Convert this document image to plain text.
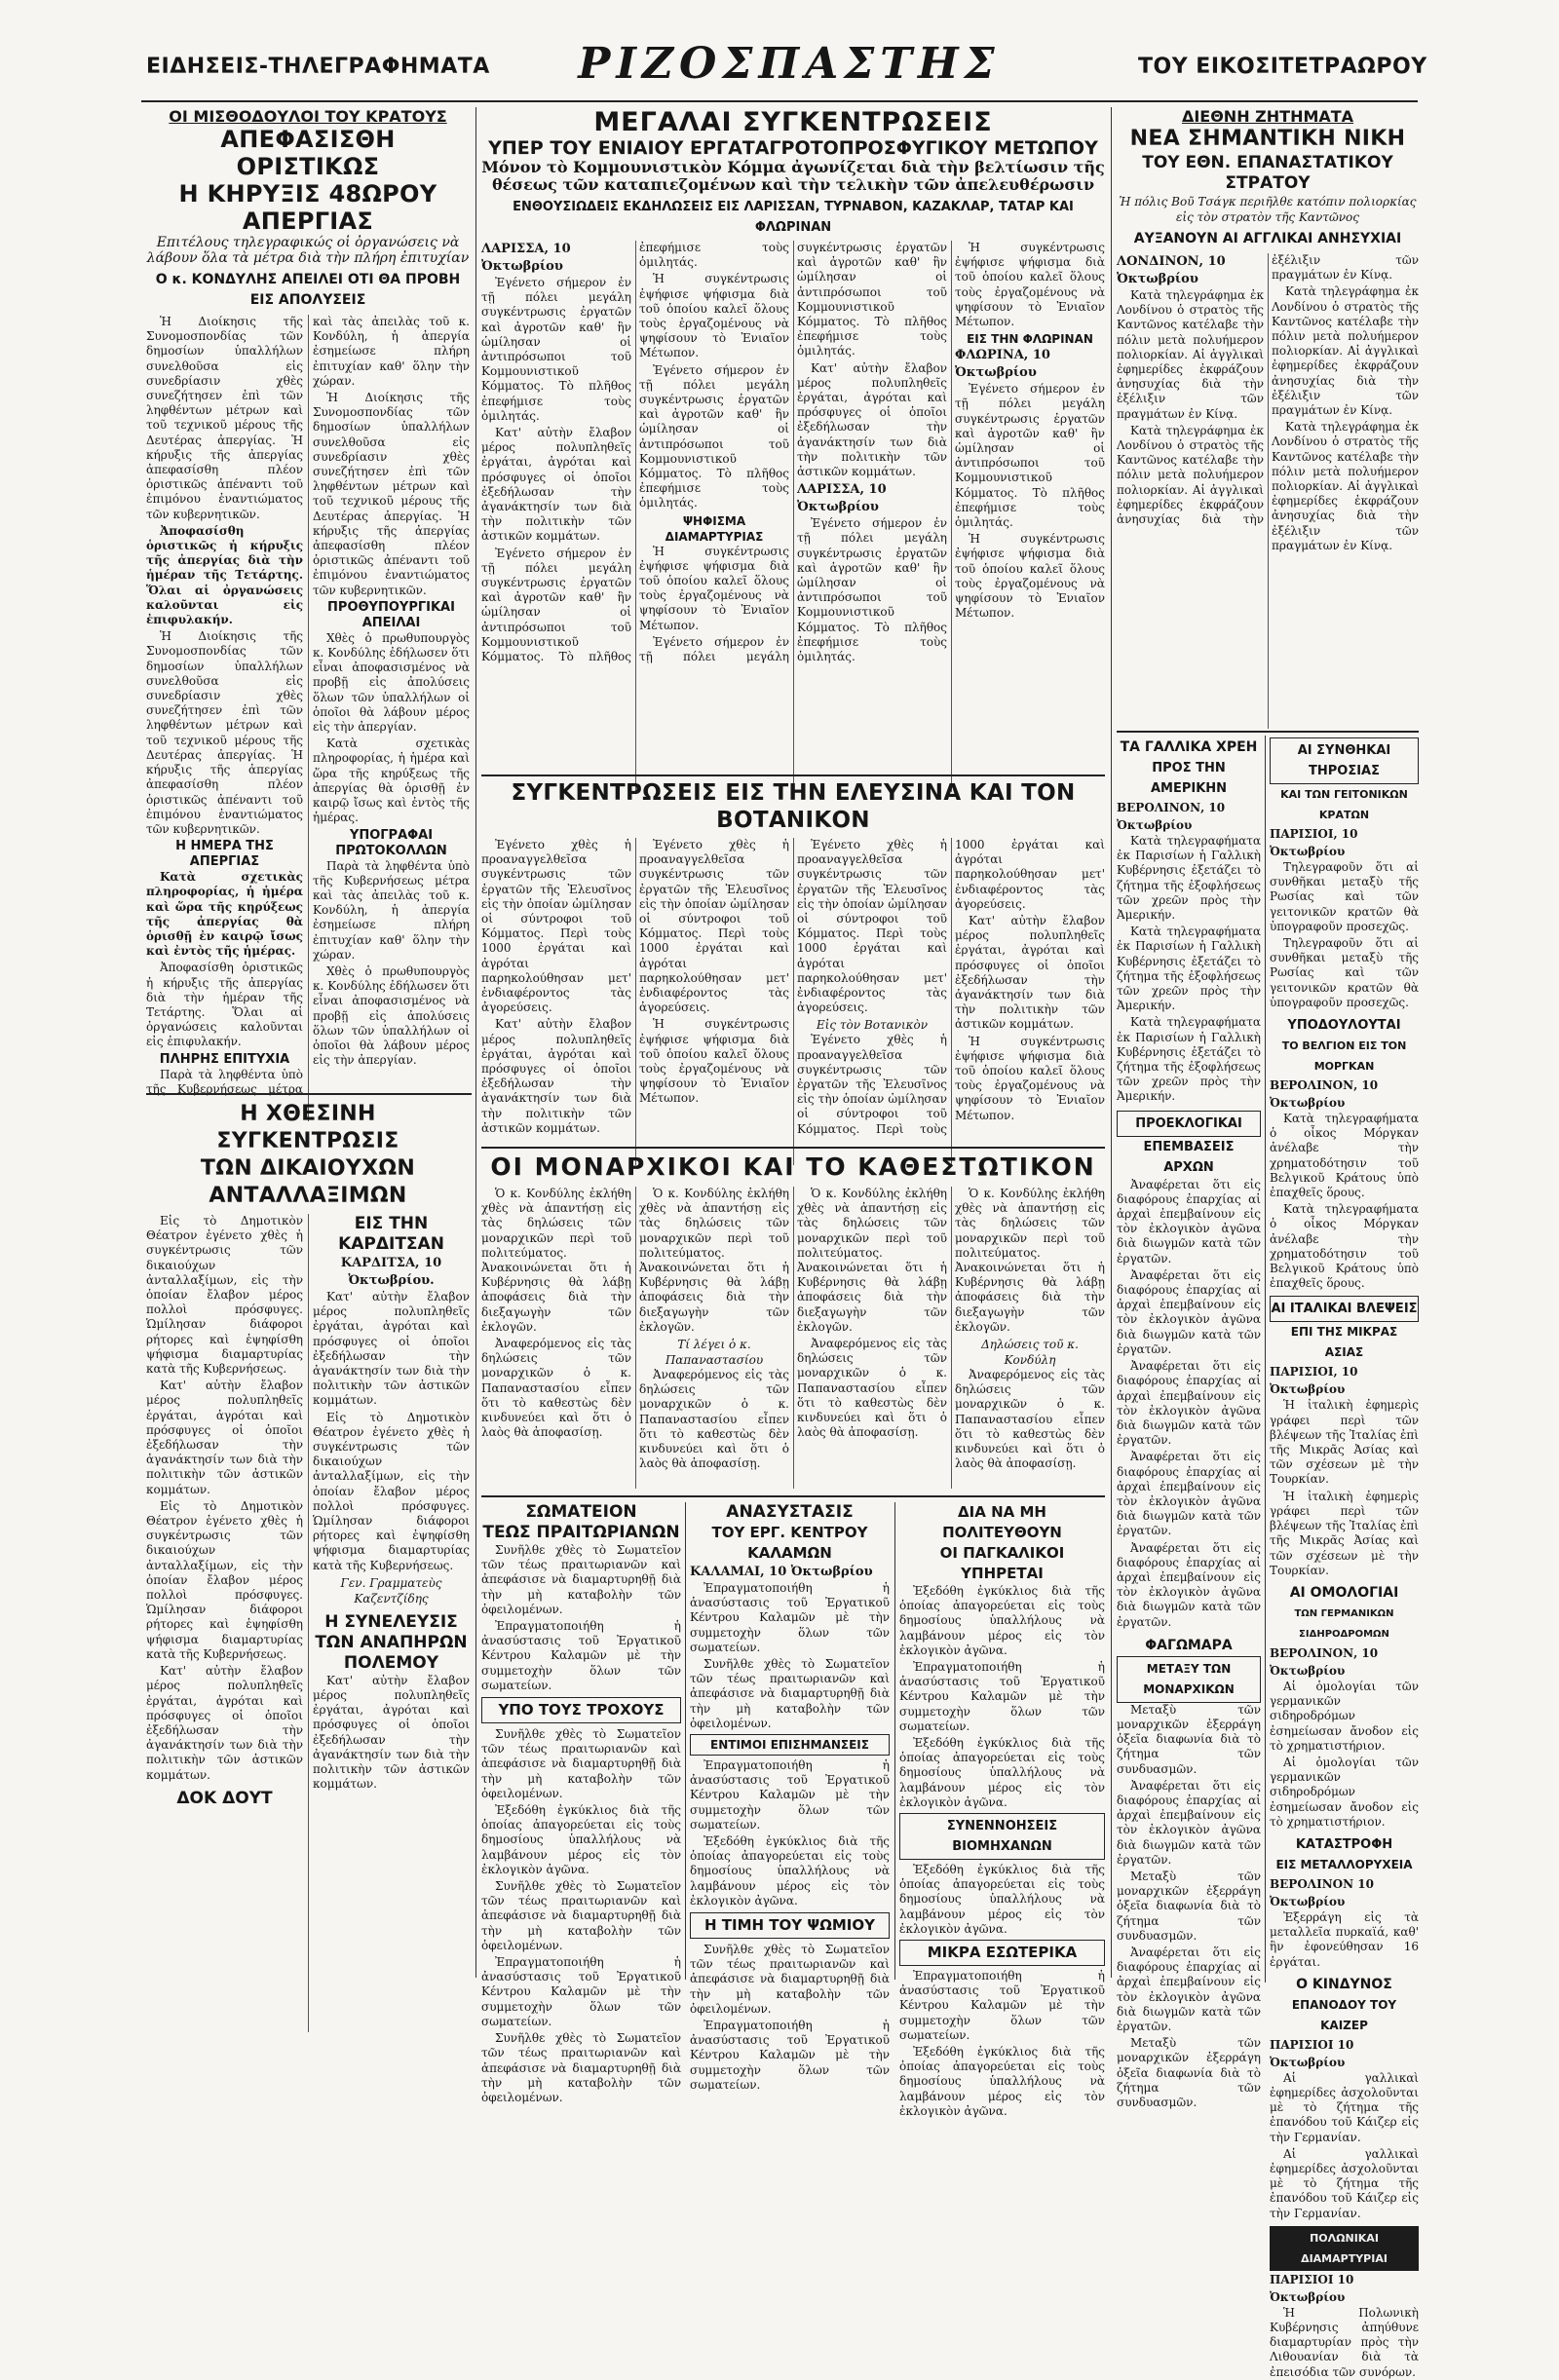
ΕΙΔΗΣΕΙΣ-ΤΗΛΕΓΡΑΦΗΜΑΤΑ	ΡΙΖΟΣΠΑΣΤΗΣ	ΤΟΥ ΕΙΚΟΣΙΤΕΤΡΑΩΡΟΥ
ΟΙ ΜΙΣΘΟΔΟΥΛΟΙ ΤΟΥ ΚΡΑΤΟΥΣ
ΑΠΕΦΑΣΙΣΘΗ ΟΡΙΣΤΙΚΩΣ
Η ΚΗΡΥΞΙΣ 48ΩΡΟΥ ΑΠΕΡΓΙΑΣ
Επιτέλους τηλεγραφικώς οἱ ὀργανώσεις νὰ λάβουν ὅλα τὰ μέτρα διὰ τὴν πλήρη ἐπιτυχίαν
Ο κ. ΚΟΝΔΥΛΗΣ ΑΠΕΙΛΕΙ ΟΤΙ ΘΑ ΠΡΟΒΗ ΕΙΣ ΑΠΟΛΥΣΕΙΣ

Ἡ Διοίκησις τῆς Συνομοσπονδίας τῶν δημοσίων ὑπαλλήλων συνελθοῦσα εἰς συνεδρίασιν χθὲς συνεζήτησεν ἐπὶ τῶν ληφθέντων μέτρων καὶ τοῦ τεχνικοῦ μέρους τῆς Δευτέρας ἀπεργίας. Ἡ κήρυξις τῆς ἀπεργίας ἀπεφασίσθη πλέον ὁριστικῶς ἀπέναντι τοῦ ἐπιμόνου ἐναντιώματος τῶν κυβερνητικῶν.

Ἀποφασίσθη ὁριστικῶς ἡ κήρυξις τῆς ἀπεργίας διὰ τὴν ἡμέραν τῆς Τετάρτης. Ὅλαι αἱ ὀργανώσεις καλοῦνται εἰς ἐπιφυλακήν.

Ἡ Διοίκησις τῆς Συνομοσπονδίας τῶν δημοσίων ὑπαλλήλων συνελθοῦσα εἰς συνεδρίασιν χθὲς συνεζήτησεν ἐπὶ τῶν ληφθέντων μέτρων καὶ τοῦ τεχνικοῦ μέρους τῆς Δευτέρας ἀπεργίας. Ἡ κήρυξις τῆς ἀπεργίας ἀπεφασίσθη πλέον ὁριστικῶς ἀπέναντι τοῦ ἐπιμόνου ἐναντιώματος τῶν κυβερνητικῶν.

Η ΗΜΕΡΑ ΤΗΣ ΑΠΕΡΓΙΑΣ

Κατὰ σχετικὰς πληροφορίας, ἡ ἡμέρα καὶ ὥρα τῆς κηρύξεως τῆς ἀπεργίας θὰ ὁρισθῇ ἐν καιρῷ ἴσως καὶ ἐντὸς τῆς ἡμέρας.

Ἀποφασίσθη ὁριστικῶς ἡ κήρυξις τῆς ἀπεργίας διὰ τὴν ἡμέραν τῆς Τετάρτης. Ὅλαι αἱ ὀργανώσεις καλοῦνται εἰς ἐπιφυλακήν.

ΠΛΗΡΗΣ ΕΠΙΤΥΧΙΑ

Παρὰ τὰ ληφθέντα ὑπὸ τῆς Κυβερνήσεως μέτρα καὶ τὰς ἀπειλὰς τοῦ κ. Κονδύλη, ἡ ἀπεργία ἐσημείωσε πλήρη ἐπιτυχίαν καθ' ὅλην τὴν χώραν.

Ἡ Διοίκησις τῆς Συνομοσπονδίας τῶν δημοσίων ὑπαλλήλων συνελθοῦσα εἰς συνεδρίασιν χθὲς συνεζήτησεν ἐπὶ τῶν ληφθέντων μέτρων καὶ τοῦ τεχνικοῦ μέρους τῆς Δευτέρας ἀπεργίας. Ἡ κήρυξις τῆς ἀπεργίας ἀπεφασίσθη πλέον ὁριστικῶς ἀπέναντι τοῦ ἐπιμόνου ἐναντιώματος τῶν κυβερνητικῶν.

ΠΡΟΘΥΠΟΥΡΓΙΚΑΙ ΑΠΕΙΛΑΙ

Χθὲς ὁ πρωθυπουργὸς κ. Κονδύλης ἐδήλωσεν ὅτι εἶναι ἀποφασισμένος νὰ προβῇ εἰς ἀπολύσεις ὅλων τῶν ὑπαλλήλων οἱ ὁποῖοι θὰ λάβουν μέρος εἰς τὴν ἀπεργίαν.

Κατὰ σχετικὰς πληροφορίας, ἡ ἡμέρα καὶ ὥρα τῆς κηρύξεως τῆς ἀπεργίας θὰ ὁρισθῇ ἐν καιρῷ ἴσως καὶ ἐντὸς τῆς ἡμέρας.

ΥΠΟΓΡΑΦΑΙ ΠΡΩΤΟΚΟΛΛΩΝ

Παρὰ τὰ ληφθέντα ὑπὸ τῆς Κυβερνήσεως μέτρα καὶ τὰς ἀπειλὰς τοῦ κ. Κονδύλη, ἡ ἀπεργία ἐσημείωσε πλήρη ἐπιτυχίαν καθ' ὅλην τὴν χώραν.

Χθὲς ὁ πρωθυπουργὸς κ. Κονδύλης ἐδήλωσεν ὅτι εἶναι ἀποφασισμένος νὰ προβῇ εἰς ἀπολύσεις ὅλων τῶν ὑπαλλήλων οἱ ὁποῖοι θὰ λάβουν μέρος εἰς τὴν ἀπεργίαν.

Η ΧΘΕΣΙΝΗ ΣΥΓΚΕΝΤΡΩΣΙΣ
ΤΩΝ ΔΙΚΑΙΟΥΧΩΝ ΑΝΤΑΛΛΑΞΙΜΩΝ

Εἰς τὸ Δημοτικὸν Θέατρον ἐγένετο χθὲς ἡ συγκέντρωσις τῶν δικαιούχων ἀνταλλαξίμων, εἰς τὴν ὁποίαν ἔλαβον μέρος πολλοὶ πρόσφυγες. Ὡμίλησαν διάφοροι ρήτορες καὶ ἐψηφίσθη ψήφισμα διαμαρτυρίας κατὰ τῆς Κυβερνήσεως.

Κατ' αὐτὴν ἔλαβον μέρος πολυπληθεῖς ἐργάται, ἀγρόται καὶ πρόσφυγες οἱ ὁποῖοι ἐξεδήλωσαν τὴν ἀγανάκτησίν των διὰ τὴν πολιτικὴν τῶν ἀστικῶν κομμάτων.

Εἰς τὸ Δημοτικὸν Θέατρον ἐγένετο χθὲς ἡ συγκέντρωσις τῶν δικαιούχων ἀνταλλαξίμων, εἰς τὴν ὁποίαν ἔλαβον μέρος πολλοὶ πρόσφυγες. Ὡμίλησαν διάφοροι ρήτορες καὶ ἐψηφίσθη ψήφισμα διαμαρτυρίας κατὰ τῆς Κυβερνήσεως.

Κατ' αὐτὴν ἔλαβον μέρος πολυπληθεῖς ἐργάται, ἀγρόται καὶ πρόσφυγες οἱ ὁποῖοι ἐξεδήλωσαν τὴν ἀγανάκτησίν των διὰ τὴν πολιτικὴν τῶν ἀστικῶν κομμάτων.

ΔΟΚ ΔΟΥΤ
ΕΙΣ ΤΗΝ ΚΑΡΔΙΤΣΑΝ
ΚΑΡΔΙΤΣΑ, 10 Ὀκτωβρίου.

Κατ' αὐτὴν ἔλαβον μέρος πολυπληθεῖς ἐργάται, ἀγρόται καὶ πρόσφυγες οἱ ὁποῖοι ἐξεδήλωσαν τὴν ἀγανάκτησίν των διὰ τὴν πολιτικὴν τῶν ἀστικῶν κομμάτων.

Εἰς τὸ Δημοτικὸν Θέατρον ἐγένετο χθὲς ἡ συγκέντρωσις τῶν δικαιούχων ἀνταλλαξίμων, εἰς τὴν ὁποίαν ἔλαβον μέρος πολλοὶ πρόσφυγες. Ὡμίλησαν διάφοροι ρήτορες καὶ ἐψηφίσθη ψήφισμα διαμαρτυρίας κατὰ τῆς Κυβερνήσεως.

Γεν. Γραμματεὺς Καζεντζίδης
Η ΣΥΝΕΛΕΥΣΙΣ
ΤΩΝ ΑΝΑΠΗΡΩΝ ΠΟΛΕΜΟΥ

Κατ' αὐτὴν ἔλαβον μέρος πολυπληθεῖς ἐργάται, ἀγρόται καὶ πρόσφυγες οἱ ὁποῖοι ἐξεδήλωσαν τὴν ἀγανάκτησίν των διὰ τὴν πολιτικὴν τῶν ἀστικῶν κομμάτων.

ΜΕΓΑΛΑΙ ΣΥΓΚΕΝΤΡΩΣΕΙΣ
ΥΠΕΡ ΤΟΥ ΕΝΙΑΙΟΥ ΕΡΓΑΤΑΓΡΟΤΟΠΡΟΣΦΥΓΙΚΟΥ ΜΕΤΩΠΟΥ
Μόνον τὸ Κομμουνιστικὸν Κόμμα ἀγωνίζεται διὰ τὴν βελτίωσιν τῆς θέσεως τῶν καταπιεζομένων καὶ τὴν τελικὴν τῶν ἀπελευθέρωσιν
ΕΝΘΟΥΣΙΩΔΕΙΣ ΕΚΔΗΛΩΣΕΙΣ ΕΙΣ ΛΑΡΙΣΣΑΝ, ΤΥΡΝΑΒΟΝ, ΚΑΖΑΚΛΑΡ, ΤΑΤΑΡ ΚΑΙ ΦΛΩΡΙΝΑΝ
ΛΑΡΙΣΣΑ, 10 Ὀκτωβρίου

Ἐγένετο σήμερον ἐν τῇ πόλει μεγάλη συγκέντρωσις ἐργατῶν καὶ ἀγροτῶν καθ' ἣν ὡμίλησαν οἱ ἀντιπρόσωποι τοῦ Κομμουνιστικοῦ Κόμματος. Τὸ πλῆθος ἐπεφήμισε τοὺς ὁμιλητάς.

Κατ' αὐτὴν ἔλαβον μέρος πολυπληθεῖς ἐργάται, ἀγρόται καὶ πρόσφυγες οἱ ὁποῖοι ἐξεδήλωσαν τὴν ἀγανάκτησίν των διὰ τὴν πολιτικὴν τῶν ἀστικῶν κομμάτων.

Ἐγένετο σήμερον ἐν τῇ πόλει μεγάλη συγκέντρωσις ἐργατῶν καὶ ἀγροτῶν καθ' ἣν ὡμίλησαν οἱ ἀντιπρόσωποι τοῦ Κομμουνιστικοῦ Κόμματος. Τὸ πλῆθος ἐπεφήμισε τοὺς ὁμιλητάς.

Ἡ συγκέντρωσις ἐψήφισε ψήφισμα διὰ τοῦ ὁποίου καλεῖ ὅλους τοὺς ἐργαζομένους νὰ ψηφίσουν τὸ Ἑνιαῖον Μέτωπον.

Ἐγένετο σήμερον ἐν τῇ πόλει μεγάλη συγκέντρωσις ἐργατῶν καὶ ἀγροτῶν καθ' ἣν ὡμίλησαν οἱ ἀντιπρόσωποι τοῦ Κομμουνιστικοῦ Κόμματος. Τὸ πλῆθος ἐπεφήμισε τοὺς ὁμιλητάς.

ΨΗΦΙΣΜΑ ΔΙΑΜΑΡΤΥΡΙΑΣ

Ἡ συγκέντρωσις ἐψήφισε ψήφισμα διὰ τοῦ ὁποίου καλεῖ ὅλους τοὺς ἐργαζομένους νὰ ψηφίσουν τὸ Ἑνιαῖον Μέτωπον.

Ἐγένετο σήμερον ἐν τῇ πόλει μεγάλη συγκέντρωσις ἐργατῶν καὶ ἀγροτῶν καθ' ἣν ὡμίλησαν οἱ ἀντιπρόσωποι τοῦ Κομμουνιστικοῦ Κόμματος. Τὸ πλῆθος ἐπεφήμισε τοὺς ὁμιλητάς.

Κατ' αὐτὴν ἔλαβον μέρος πολυπληθεῖς ἐργάται, ἀγρόται καὶ πρόσφυγες οἱ ὁποῖοι ἐξεδήλωσαν τὴν ἀγανάκτησίν των διὰ τὴν πολιτικὴν τῶν ἀστικῶν κομμάτων.

ΛΑΡΙΣΣΑ, 10 Ὀκτωβρίου

Ἐγένετο σήμερον ἐν τῇ πόλει μεγάλη συγκέντρωσις ἐργατῶν καὶ ἀγροτῶν καθ' ἣν ὡμίλησαν οἱ ἀντιπρόσωποι τοῦ Κομμουνιστικοῦ Κόμματος. Τὸ πλῆθος ἐπεφήμισε τοὺς ὁμιλητάς.

Ἡ συγκέντρωσις ἐψήφισε ψήφισμα διὰ τοῦ ὁποίου καλεῖ ὅλους τοὺς ἐργαζομένους νὰ ψηφίσουν τὸ Ἑνιαῖον Μέτωπον.

ΕΙΣ ΤΗΝ ΦΛΩΡΙΝΑΝ
ΦΛΩΡΙΝΑ, 10 Ὀκτωβρίου

Ἐγένετο σήμερον ἐν τῇ πόλει μεγάλη συγκέντρωσις ἐργατῶν καὶ ἀγροτῶν καθ' ἣν ὡμίλησαν οἱ ἀντιπρόσωποι τοῦ Κομμουνιστικοῦ Κόμματος. Τὸ πλῆθος ἐπεφήμισε τοὺς ὁμιλητάς.

Ἡ συγκέντρωσις ἐψήφισε ψήφισμα διὰ τοῦ ὁποίου καλεῖ ὅλους τοὺς ἐργαζομένους νὰ ψηφίσουν τὸ Ἑνιαῖον Μέτωπον.

ΣΥΓΚΕΝΤΡΩΣΕΙΣ ΕΙΣ ΤΗΝ ΕΛΕΥΣΙΝΑ ΚΑΙ ΤΟΝ ΒΟΤΑΝΙΚΟΝ

Ἐγένετο χθὲς ἡ προαναγγελθεῖσα συγκέντρωσις τῶν ἐργατῶν τῆς Ἐλευσῖνος εἰς τὴν ὁποίαν ὡμίλησαν οἱ σύντροφοι τοῦ Κόμματος. Περὶ τοὺς 1000 ἐργάται καὶ ἀγρόται παρηκολούθησαν μετ' ἐνδιαφέροντος τὰς ἀγορεύσεις.

Κατ' αὐτὴν ἔλαβον μέρος πολυπληθεῖς ἐργάται, ἀγρόται καὶ πρόσφυγες οἱ ὁποῖοι ἐξεδήλωσαν τὴν ἀγανάκτησίν των διὰ τὴν πολιτικὴν τῶν ἀστικῶν κομμάτων.

Ἐγένετο χθὲς ἡ προαναγγελθεῖσα συγκέντρωσις τῶν ἐργατῶν τῆς Ἐλευσῖνος εἰς τὴν ὁποίαν ὡμίλησαν οἱ σύντροφοι τοῦ Κόμματος. Περὶ τοὺς 1000 ἐργάται καὶ ἀγρόται παρηκολούθησαν μετ' ἐνδιαφέροντος τὰς ἀγορεύσεις.

Ἡ συγκέντρωσις ἐψήφισε ψήφισμα διὰ τοῦ ὁποίου καλεῖ ὅλους τοὺς ἐργαζομένους νὰ ψηφίσουν τὸ Ἑνιαῖον Μέτωπον.

Ἐγένετο χθὲς ἡ προαναγγελθεῖσα συγκέντρωσις τῶν ἐργατῶν τῆς Ἐλευσῖνος εἰς τὴν ὁποίαν ὡμίλησαν οἱ σύντροφοι τοῦ Κόμματος. Περὶ τοὺς 1000 ἐργάται καὶ ἀγρόται παρηκολούθησαν μετ' ἐνδιαφέροντος τὰς ἀγορεύσεις.

Εἰς τὸν Βοτανικὸν

Ἐγένετο χθὲς ἡ προαναγγελθεῖσα συγκέντρωσις τῶν ἐργατῶν τῆς Ἐλευσῖνος εἰς τὴν ὁποίαν ὡμίλησαν οἱ σύντροφοι τοῦ Κόμματος. Περὶ τοὺς 1000 ἐργάται καὶ ἀγρόται παρηκολούθησαν μετ' ἐνδιαφέροντος τὰς ἀγορεύσεις.

Κατ' αὐτὴν ἔλαβον μέρος πολυπληθεῖς ἐργάται, ἀγρόται καὶ πρόσφυγες οἱ ὁποῖοι ἐξεδήλωσαν τὴν ἀγανάκτησίν των διὰ τὴν πολιτικὴν τῶν ἀστικῶν κομμάτων.

Ἡ συγκέντρωσις ἐψήφισε ψήφισμα διὰ τοῦ ὁποίου καλεῖ ὅλους τοὺς ἐργαζομένους νὰ ψηφίσουν τὸ Ἑνιαῖον Μέτωπον.

ΟΙ ΜΟΝΑΡΧΙΚΟΙ ΚΑΙ ΤΟ ΚΑΘΕΣΤΩΤΙΚΟΝ

Ὁ κ. Κονδύλης ἐκλήθη χθὲς νὰ ἀπαντήσῃ εἰς τὰς δηλώσεις τῶν μοναρχικῶν περὶ τοῦ πολιτεύματος. Ἀνακοινώνεται ὅτι ἡ Κυβέρνησις θὰ λάβῃ ἀποφάσεις διὰ τὴν διεξαγωγὴν τῶν ἐκλογῶν.

Ἀναφερόμενος εἰς τὰς δηλώσεις τῶν μοναρχικῶν ὁ κ. Παπαναστασίου εἶπεν ὅτι τὸ καθεστὼς δὲν κινδυνεύει καὶ ὅτι ὁ λαὸς θὰ ἀποφασίσῃ.

Ὁ κ. Κονδύλης ἐκλήθη χθὲς νὰ ἀπαντήσῃ εἰς τὰς δηλώσεις τῶν μοναρχικῶν περὶ τοῦ πολιτεύματος. Ἀνακοινώνεται ὅτι ἡ Κυβέρνησις θὰ λάβῃ ἀποφάσεις διὰ τὴν διεξαγωγὴν τῶν ἐκλογῶν.

Τί λέγει ὁ κ. Παπαναστασίου

Ἀναφερόμενος εἰς τὰς δηλώσεις τῶν μοναρχικῶν ὁ κ. Παπαναστασίου εἶπεν ὅτι τὸ καθεστὼς δὲν κινδυνεύει καὶ ὅτι ὁ λαὸς θὰ ἀποφασίσῃ.

Ὁ κ. Κονδύλης ἐκλήθη χθὲς νὰ ἀπαντήσῃ εἰς τὰς δηλώσεις τῶν μοναρχικῶν περὶ τοῦ πολιτεύματος. Ἀνακοινώνεται ὅτι ἡ Κυβέρνησις θὰ λάβῃ ἀποφάσεις διὰ τὴν διεξαγωγὴν τῶν ἐκλογῶν.

Ἀναφερόμενος εἰς τὰς δηλώσεις τῶν μοναρχικῶν ὁ κ. Παπαναστασίου εἶπεν ὅτι τὸ καθεστὼς δὲν κινδυνεύει καὶ ὅτι ὁ λαὸς θὰ ἀποφασίσῃ.

Ὁ κ. Κονδύλης ἐκλήθη χθὲς νὰ ἀπαντήσῃ εἰς τὰς δηλώσεις τῶν μοναρχικῶν περὶ τοῦ πολιτεύματος. Ἀνακοινώνεται ὅτι ἡ Κυβέρνησις θὰ λάβῃ ἀποφάσεις διὰ τὴν διεξαγωγὴν τῶν ἐκλογῶν.

Δηλώσεις τοῦ κ. Κονδύλη

Ἀναφερόμενος εἰς τὰς δηλώσεις τῶν μοναρχικῶν ὁ κ. Παπαναστασίου εἶπεν ὅτι τὸ καθεστὼς δὲν κινδυνεύει καὶ ὅτι ὁ λαὸς θὰ ἀποφασίσῃ.

ΣΩΜΑΤΕΙΟΝ
ΤΕΩΣ ΠΡΑΙΤΩΡΙΑΝΩΝ

Συνῆλθε χθὲς τὸ Σωματεῖον τῶν τέως πραιτωριανῶν καὶ ἀπεφάσισε νὰ διαμαρτυρηθῇ διὰ τὴν μὴ καταβολὴν τῶν ὀφειλομένων.

Ἐπραγματοποιήθη ἡ ἀνασύστασις τοῦ Ἐργατικοῦ Κέντρου Καλαμῶν μὲ τὴν συμμετοχὴν ὅλων τῶν σωματείων.

ΥΠΟ ΤΟΥΣ ΤΡΟΧΟΥΣ

Συνῆλθε χθὲς τὸ Σωματεῖον τῶν τέως πραιτωριανῶν καὶ ἀπεφάσισε νὰ διαμαρτυρηθῇ διὰ τὴν μὴ καταβολὴν τῶν ὀφειλομένων.

Ἐξεδόθη ἐγκύκλιος διὰ τῆς ὁποίας ἀπαγορεύεται εἰς τοὺς δημοσίους ὑπαλλήλους νὰ λαμβάνουν μέρος εἰς τὸν ἐκλογικὸν ἀγῶνα.

Συνῆλθε χθὲς τὸ Σωματεῖον τῶν τέως πραιτωριανῶν καὶ ἀπεφάσισε νὰ διαμαρτυρηθῇ διὰ τὴν μὴ καταβολὴν τῶν ὀφειλομένων.

Ἐπραγματοποιήθη ἡ ἀνασύστασις τοῦ Ἐργατικοῦ Κέντρου Καλαμῶν μὲ τὴν συμμετοχὴν ὅλων τῶν σωματείων.

Συνῆλθε χθὲς τὸ Σωματεῖον τῶν τέως πραιτωριανῶν καὶ ἀπεφάσισε νὰ διαμαρτυρηθῇ διὰ τὴν μὴ καταβολὴν τῶν ὀφειλομένων.

ΑΝΑΣΥΣΤΑΣΙΣ
ΤΟΥ ΕΡΓ. ΚΕΝΤΡΟΥ ΚΑΛΑΜΩΝ
ΚΑΛΑΜΑΙ, 10 Ὀκτωβρίου

Ἐπραγματοποιήθη ἡ ἀνασύστασις τοῦ Ἐργατικοῦ Κέντρου Καλαμῶν μὲ τὴν συμμετοχὴν ὅλων τῶν σωματείων.

Συνῆλθε χθὲς τὸ Σωματεῖον τῶν τέως πραιτωριανῶν καὶ ἀπεφάσισε νὰ διαμαρτυρηθῇ διὰ τὴν μὴ καταβολὴν τῶν ὀφειλομένων.

ΕΝΤΙΜΟΙ ΕΠΙΣΗΜΑΝΣΕΙΣ

Ἐπραγματοποιήθη ἡ ἀνασύστασις τοῦ Ἐργατικοῦ Κέντρου Καλαμῶν μὲ τὴν συμμετοχὴν ὅλων τῶν σωματείων.

Ἐξεδόθη ἐγκύκλιος διὰ τῆς ὁποίας ἀπαγορεύεται εἰς τοὺς δημοσίους ὑπαλλήλους νὰ λαμβάνουν μέρος εἰς τὸν ἐκλογικὸν ἀγῶνα.

Η ΤΙΜΗ ΤΟΥ ΨΩΜΙΟΥ

Συνῆλθε χθὲς τὸ Σωματεῖον τῶν τέως πραιτωριανῶν καὶ ἀπεφάσισε νὰ διαμαρτυρηθῇ διὰ τὴν μὴ καταβολὴν τῶν ὀφειλομένων.

Ἐπραγματοποιήθη ἡ ἀνασύστασις τοῦ Ἐργατικοῦ Κέντρου Καλαμῶν μὲ τὴν συμμετοχὴν ὅλων τῶν σωματείων.

ΔΙΑ ΝΑ ΜΗ ΠΟΛΙΤΕΥΘΟΥΝ
ΟΙ ΠΑΓΚΑΛΙΚΟΙ ΥΠΗΡΕΤΑΙ

Ἐξεδόθη ἐγκύκλιος διὰ τῆς ὁποίας ἀπαγορεύεται εἰς τοὺς δημοσίους ὑπαλλήλους νὰ λαμβάνουν μέρος εἰς τὸν ἐκλογικὸν ἀγῶνα.

Ἐπραγματοποιήθη ἡ ἀνασύστασις τοῦ Ἐργατικοῦ Κέντρου Καλαμῶν μὲ τὴν συμμετοχὴν ὅλων τῶν σωματείων.

Ἐξεδόθη ἐγκύκλιος διὰ τῆς ὁποίας ἀπαγορεύεται εἰς τοὺς δημοσίους ὑπαλλήλους νὰ λαμβάνουν μέρος εἰς τὸν ἐκλογικὸν ἀγῶνα.

ΣΥΝΕΝΝΟΗΣΕΙΣ ΒΙΟΜΗΧΑΝΩΝ

Ἐξεδόθη ἐγκύκλιος διὰ τῆς ὁποίας ἀπαγορεύεται εἰς τοὺς δημοσίους ὑπαλλήλους νὰ λαμβάνουν μέρος εἰς τὸν ἐκλογικὸν ἀγῶνα.

ΜΙΚΡΑ ΕΣΩΤΕΡΙΚΑ

Ἐπραγματοποιήθη ἡ ἀνασύστασις τοῦ Ἐργατικοῦ Κέντρου Καλαμῶν μὲ τὴν συμμετοχὴν ὅλων τῶν σωματείων.

Ἐξεδόθη ἐγκύκλιος διὰ τῆς ὁποίας ἀπαγορεύεται εἰς τοὺς δημοσίους ὑπαλλήλους νὰ λαμβάνουν μέρος εἰς τὸν ἐκλογικὸν ἀγῶνα.

ΔΙΕΘΝΗ ΖΗΤΗΜΑΤΑ
ΝΕΑ ΣΗΜΑΝΤΙΚΗ ΝΙΚΗ
ΤΟΥ ΕΘΝ. ΕΠΑΝΑΣΤΑΤΙΚΟΥ ΣΤΡΑΤΟΥ
Ἡ πόλις Βοῦ Τσάγκ περιῆλθε κατόπιν πολιορκίας εἰς τὸν στρατὸν τῆς Καντῶνος
ΑΥΞΑΝΟΥΝ ΑΙ ΑΓΓΛΙΚΑΙ ΑΝΗΣΥΧΙΑΙ
ΛΟΝΔΙΝΟΝ, 10 Ὀκτωβρίου

Κατὰ τηλεγράφημα ἐκ Λονδίνου ὁ στρατὸς τῆς Καντῶνος κατέλαβε τὴν πόλιν μετὰ πολυήμερον πολιορκίαν. Αἱ ἀγγλικαὶ ἐφημερίδες ἐκφράζουν ἀνησυχίας διὰ τὴν ἐξέλιξιν τῶν πραγμάτων ἐν Κίνᾳ.

Κατὰ τηλεγράφημα ἐκ Λονδίνου ὁ στρατὸς τῆς Καντῶνος κατέλαβε τὴν πόλιν μετὰ πολυήμερον πολιορκίαν. Αἱ ἀγγλικαὶ ἐφημερίδες ἐκφράζουν ἀνησυχίας διὰ τὴν ἐξέλιξιν τῶν πραγμάτων ἐν Κίνᾳ.

Κατὰ τηλεγράφημα ἐκ Λονδίνου ὁ στρατὸς τῆς Καντῶνος κατέλαβε τὴν πόλιν μετὰ πολυήμερον πολιορκίαν. Αἱ ἀγγλικαὶ ἐφημερίδες ἐκφράζουν ἀνησυχίας διὰ τὴν ἐξέλιξιν τῶν πραγμάτων ἐν Κίνᾳ.

Κατὰ τηλεγράφημα ἐκ Λονδίνου ὁ στρατὸς τῆς Καντῶνος κατέλαβε τὴν πόλιν μετὰ πολυήμερον πολιορκίαν. Αἱ ἀγγλικαὶ ἐφημερίδες ἐκφράζουν ἀνησυχίας διὰ τὴν ἐξέλιξιν τῶν πραγμάτων ἐν Κίνᾳ.

ΤΑ ΓΑΛΛΙΚΑ ΧΡΕΗ
ΠΡΟΣ ΤΗΝ ΑΜΕΡΙΚΗΝ
ΒΕΡΟΛΙΝΟΝ, 10 Ὀκτωβρίου

Κατὰ τηλεγραφήματα ἐκ Παρισίων ἡ Γαλλικὴ Κυβέρνησις ἐξετάζει τὸ ζήτημα τῆς ἐξοφλήσεως τῶν χρεῶν πρὸς τὴν Ἀμερικήν.

Κατὰ τηλεγραφήματα ἐκ Παρισίων ἡ Γαλλικὴ Κυβέρνησις ἐξετάζει τὸ ζήτημα τῆς ἐξοφλήσεως τῶν χρεῶν πρὸς τὴν Ἀμερικήν.

Κατὰ τηλεγραφήματα ἐκ Παρισίων ἡ Γαλλικὴ Κυβέρνησις ἐξετάζει τὸ ζήτημα τῆς ἐξοφλήσεως τῶν χρεῶν πρὸς τὴν Ἀμερικήν.

ΠΡΟΕΚΛΟΓΙΚΑΙ
ΕΠΕΜΒΑΣΕΙΣ ΑΡΧΩΝ

Ἀναφέρεται ὅτι εἰς διαφόρους ἐπαρχίας αἱ ἀρχαὶ ἐπεμβαίνουν εἰς τὸν ἐκλογικὸν ἀγῶνα διὰ διωγμῶν κατὰ τῶν ἐργατῶν.

Ἀναφέρεται ὅτι εἰς διαφόρους ἐπαρχίας αἱ ἀρχαὶ ἐπεμβαίνουν εἰς τὸν ἐκλογικὸν ἀγῶνα διὰ διωγμῶν κατὰ τῶν ἐργατῶν.

Ἀναφέρεται ὅτι εἰς διαφόρους ἐπαρχίας αἱ ἀρχαὶ ἐπεμβαίνουν εἰς τὸν ἐκλογικὸν ἀγῶνα διὰ διωγμῶν κατὰ τῶν ἐργατῶν.

Ἀναφέρεται ὅτι εἰς διαφόρους ἐπαρχίας αἱ ἀρχαὶ ἐπεμβαίνουν εἰς τὸν ἐκλογικὸν ἀγῶνα διὰ διωγμῶν κατὰ τῶν ἐργατῶν.

Ἀναφέρεται ὅτι εἰς διαφόρους ἐπαρχίας αἱ ἀρχαὶ ἐπεμβαίνουν εἰς τὸν ἐκλογικὸν ἀγῶνα διὰ διωγμῶν κατὰ τῶν ἐργατῶν.

ΦΑΓΩΜΑΡΑ
ΜΕΤΑΞΥ ΤΩΝ ΜΟΝΑΡΧΙΚΩΝ

Μεταξὺ τῶν μοναρχικῶν ἐξερράγη ὀξεῖα διαφωνία διὰ τὸ ζήτημα τῶν συνδυασμῶν.

Ἀναφέρεται ὅτι εἰς διαφόρους ἐπαρχίας αἱ ἀρχαὶ ἐπεμβαίνουν εἰς τὸν ἐκλογικὸν ἀγῶνα διὰ διωγμῶν κατὰ τῶν ἐργατῶν.

Μεταξὺ τῶν μοναρχικῶν ἐξερράγη ὀξεῖα διαφωνία διὰ τὸ ζήτημα τῶν συνδυασμῶν.

Ἀναφέρεται ὅτι εἰς διαφόρους ἐπαρχίας αἱ ἀρχαὶ ἐπεμβαίνουν εἰς τὸν ἐκλογικὸν ἀγῶνα διὰ διωγμῶν κατὰ τῶν ἐργατῶν.

Μεταξὺ τῶν μοναρχικῶν ἐξερράγη ὀξεῖα διαφωνία διὰ τὸ ζήτημα τῶν συνδυασμῶν.

ΑΙ ΣΥΝΘΗΚΑΙ ΤΗΡΟΣΙΑΣ
ΚΑΙ ΤΩΝ ΓΕΙΤΟΝΙΚΩΝ ΚΡΑΤΩΝ
ΠΑΡΙΣΙΟΙ, 10 Ὀκτωβρίου

Τηλεγραφοῦν ὅτι αἱ συνθῆκαι μεταξὺ τῆς Ρωσίας καὶ τῶν γειτονικῶν κρατῶν θὰ ὑπογραφοῦν προσεχῶς.

Τηλεγραφοῦν ὅτι αἱ συνθῆκαι μεταξὺ τῆς Ρωσίας καὶ τῶν γειτονικῶν κρατῶν θὰ ὑπογραφοῦν προσεχῶς.

ΥΠΟΔΟΥΛΟΥΤΑΙ
ΤΟ ΒΕΛΓΙΟΝ ΕΙΣ ΤΟΝ ΜΟΡΓΚΑΝ
ΒΕΡΟΛΙΝΟΝ, 10 Ὀκτωβρίου

Κατὰ τηλεγραφήματα ὁ οἶκος Μόργκαν ἀνέλαβε τὴν χρηματοδότησιν τοῦ Βελγικοῦ Κράτους ὑπὸ ἐπαχθεῖς ὅρους.

Κατὰ τηλεγραφήματα ὁ οἶκος Μόργκαν ἀνέλαβε τὴν χρηματοδότησιν τοῦ Βελγικοῦ Κράτους ὑπὸ ἐπαχθεῖς ὅρους.

ΑΙ ΙΤΑΛΙΚΑΙ ΒΛΕΨΕΙΣ
ΕΠΙ ΤΗΣ ΜΙΚΡΑΣ ΑΣΙΑΣ
ΠΑΡΙΣΙΟΙ, 10 Ὀκτωβρίου

Ἡ ἰταλικὴ ἐφημερὶς γράφει περὶ τῶν βλέψεων τῆς Ἰταλίας ἐπὶ τῆς Μικρᾶς Ἀσίας καὶ τῶν σχέσεων μὲ τὴν Τουρκίαν.

Ἡ ἰταλικὴ ἐφημερὶς γράφει περὶ τῶν βλέψεων τῆς Ἰταλίας ἐπὶ τῆς Μικρᾶς Ἀσίας καὶ τῶν σχέσεων μὲ τὴν Τουρκίαν.

ΑΙ ΟΜΟΛΟΓΙΑΙ
ΤΩΝ ΓΕΡΜΑΝΙΚΩΝ ΣΙΔΗΡΟΔΡΟΜΩΝ
ΒΕΡΟΛΙΝΟΝ, 10 Ὀκτωβρίου

Αἱ ὁμολογίαι τῶν γερμανικῶν σιδηροδρόμων ἐσημείωσαν ἄνοδον εἰς τὸ χρηματιστήριον.

Αἱ ὁμολογίαι τῶν γερμανικῶν σιδηροδρόμων ἐσημείωσαν ἄνοδον εἰς τὸ χρηματιστήριον.

ΚΑΤΑΣΤΡΟΦΗ
ΕΙΣ ΜΕΤΑΛΛΟΡΥΧΕΙΑ
ΒΕΡΟΛΙΝΟΝ 10 Ὀκτωβρίου

Ἐξερράγη εἰς τὰ μεταλλεῖα πυρκαϊά, καθ' ἣν ἐφονεύθησαν 16 ἐργάται.

Ο ΚΙΝΔΥΝΟΣ
ΕΠΑΝΟΔΟΥ ΤΟΥ ΚΑΙΖΕΡ
ΠΑΡΙΣΙΟΙ 10 Ὀκτωβρίου

Αἱ γαλλικαὶ ἐφημερίδες ἀσχολοῦνται μὲ τὸ ζήτημα τῆς ἐπανόδου τοῦ Κάιζερ εἰς τὴν Γερμανίαν.

Αἱ γαλλικαὶ ἐφημερίδες ἀσχολοῦνται μὲ τὸ ζήτημα τῆς ἐπανόδου τοῦ Κάιζερ εἰς τὴν Γερμανίαν.

ΠΟΛΩΝΙΚΑΙ ΔΙΑΜΑΡΤΥΡΙΑΙ
ΠΑΡΙΣΙΟΙ 10 Ὀκτωβρίου

Ἡ Πολωνικὴ Κυβέρνησις ἀπηύθυνε διαμαρτυρίαν πρὸς τὴν Λιθουανίαν διὰ τὰ ἐπεισόδια τῶν συνόρων.
